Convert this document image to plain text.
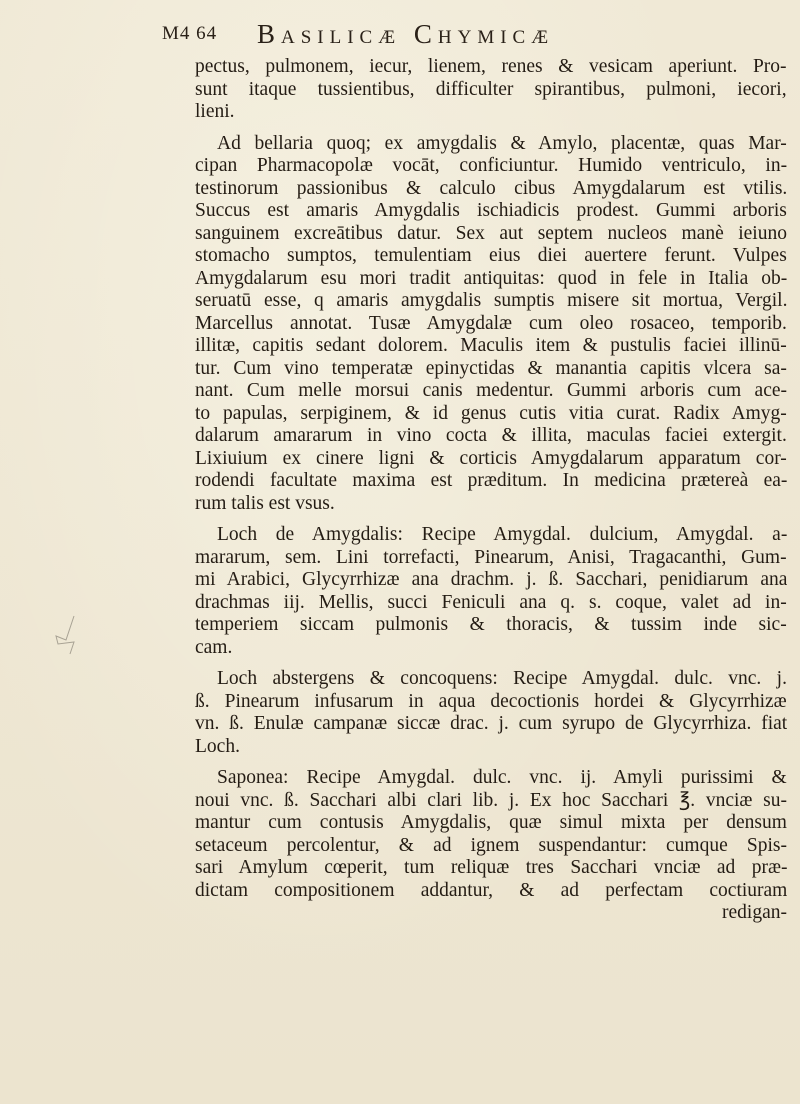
M4 64	Basilicæ Chymicæ
pectus, pulmonem, iecur, lienem, renes & vesicam aperiunt. Pro-
sunt itaque tussientibus, difficulter spirantibus, pulmoni, iecori,
lieni.
Ad bellaria quoq; ex amygdalis & Amylo, placentæ, quas Mar-
cipan Pharmacopolæ vocāt, conficiuntur. Humido ventriculo, in-
testinorum passionibus & calculo cibus Amygdalarum est vtilis.
Succus est amaris Amygdalis ischiadicis prodest. Gummi arboris
sanguinem excreātibus datur. Sex aut septem nucleos manè ieiuno
stomacho sumptos, temulentiam eius diei auertere ferunt. Vulpes
Amygdalarum esu mori tradit antiquitas: quod in fele in Italia ob-
seruatū esse, q amaris amygdalis sumptis misere sit mortua, Vergil.
Marcellus annotat. Tusæ Amygdalæ cum oleo rosaceo, temporib.
illitæ, capitis sedant dolorem. Maculis item & pustulis faciei illinū-
tur. Cum vino temperatæ epinyctidas & manantia capitis vlcera sa-
nant. Cum melle morsui canis medentur. Gummi arboris cum ace-
to papulas, serpiginem, & id genus cutis vitia curat. Radix Amyg-
dalarum amararum in vino cocta & illita, maculas faciei extergit.
Lixiuium ex cinere ligni & corticis Amygdalarum apparatum cor-
rodendi facultate maxima est præditum. In medicina prætereà ea-
rum talis est vsus.
Loch de Amygdalis: Recipe Amygdal. dulcium, Amygdal. a-
mararum, sem. Lini torrefacti, Pinearum, Anisi, Tragacanthi, Gum-
mi Arabici, Glycyrrhizæ ana drachm. j. ß. Sacchari, penidiarum ana
drachmas iij. Mellis, succi Feniculi ana q. s. coque, valet ad in-
temperiem siccam pulmonis & thoracis, & tussim inde sic-
cam.
Loch abstergens & concoquens: Recipe Amygdal. dulc. vnc. j.
ß. Pinearum infusarum in aqua decoctionis hordei & Glycyrrhizæ
vn. ß. Enulæ campanæ siccæ drac. j. cum syrupo de Glycyrrhiza. fiat
Loch.
Saponea: Recipe Amygdal. dulc. vnc. ij. Amyli purissimi &
noui vnc. ß. Sacchari albi clari lib. j. Ex hoc Sacchari ℥. vnciæ su-
mantur cum contusis Amygdalis, quæ simul mixta per densum
setaceum percolentur, & ad ignem suspendantur: cumque Spis-
sari Amylum cœperit, tum reliquæ tres Sacchari vnciæ ad præ-
dictam compositionem addantur, & ad perfectam coctiuram
redigan-
